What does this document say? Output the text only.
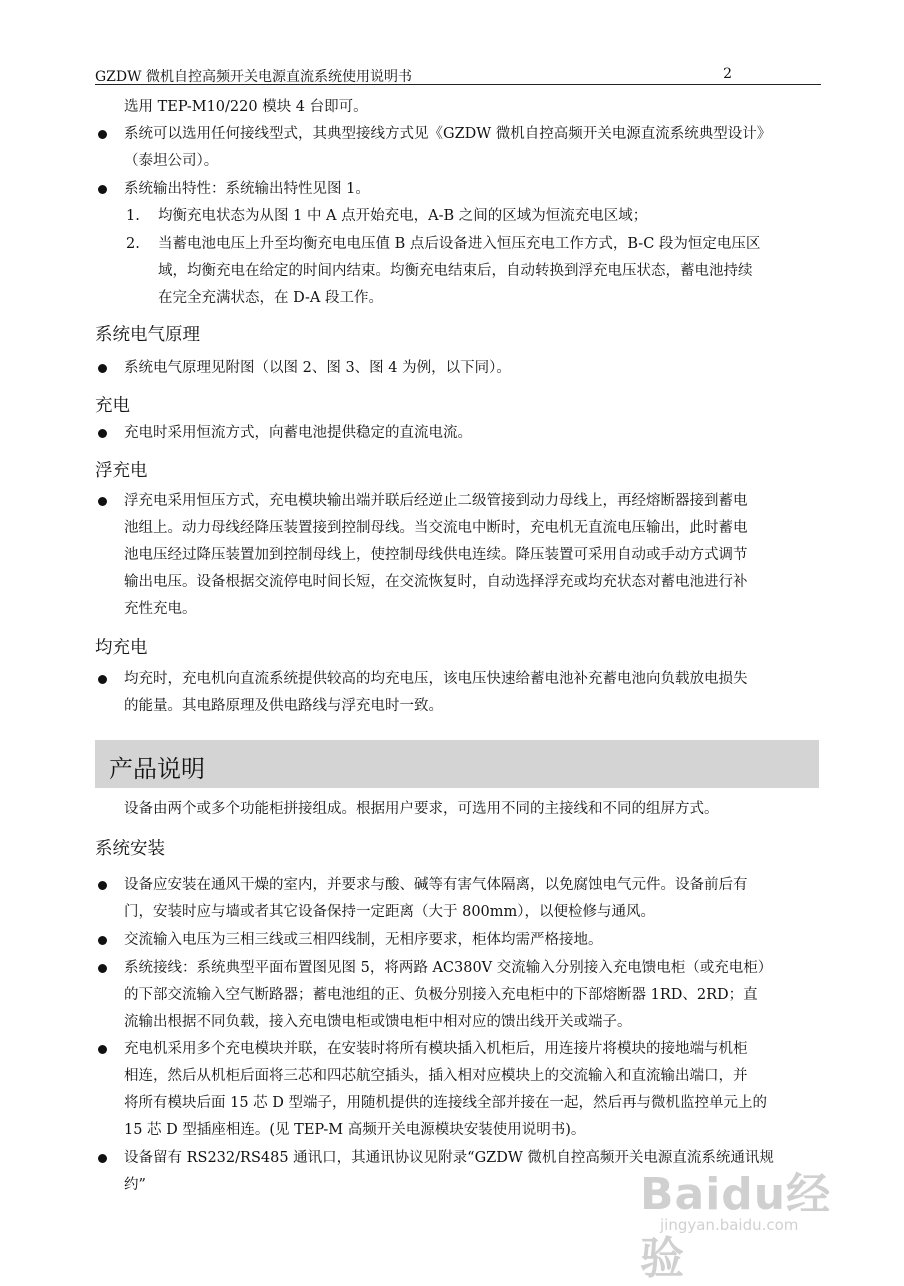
GZDW 微机自控高频开关电源直流系统使用说明书	2
选用 TEP-M10/220 模块 4 台即可。
系统可以选用任何接线型式，其典型接线方式见《GZDW 微机自控高频开关电源直流系统典型设计》
（泰坦公司）。
系统输出特性：系统输出特性见图 1。
1. 均衡充电状态为从图 1 中 A 点开始充电，A-B 之间的区域为恒流充电区域；
2. 当蓄电池电压上升至均衡充电电压值 B 点后设备进入恒压充电工作方式，B-C 段为恒定电压区
域，均衡充电在给定的时间内结束。均衡充电结束后，自动转换到浮充电压状态，蓄电池持续
在完全充满状态，在 D-A 段工作。
系统电气原理
系统电气原理见附图（以图 2、图 3、图 4 为例，以下同）。
充电
充电时采用恒流方式，向蓄电池提供稳定的直流电流。
浮充电
浮充电采用恒压方式，充电模块输出端并联后经逆止二级管接到动力母线上，再经熔断器接到蓄电
池组上。动力母线经降压装置接到控制母线。当交流电中断时，充电机无直流电压输出，此时蓄电
池电压经过降压装置加到控制母线上，使控制母线供电连续。降压装置可采用自动或手动方式调节
输出电压。设备根据交流停电时间长短，在交流恢复时，自动选择浮充或均充状态对蓄电池进行补
充性充电。
均充电
均充时，充电机向直流系统提供较高的均充电压，该电压快速给蓄电池补充蓄电池向负载放电损失
的能量。其电路原理及供电路线与浮充电时一致。
产品说明
设备由两个或多个功能柜拼接组成。根据用户要求，可选用不同的主接线和不同的组屏方式。
系统安装
设备应安装在通风干燥的室内，并要求与酸、碱等有害气体隔离，以免腐蚀电气元件。设备前后有
门，安装时应与墙或者其它设备保持一定距离（大于 800mm），以便检修与通风。
交流输入电压为三相三线或三相四线制，无相序要求，柜体均需严格接地。
系统接线：系统典型平面布置图见图 5，将两路 AC380V 交流输入分别接入充电馈电柜（或充电柜）
的下部交流输入空气断路器；蓄电池组的正、负极分别接入充电柜中的下部熔断器 1RD、2RD；直
流输出根据不同负载，接入充电馈电柜或馈电柜中相对应的馈出线开关或端子。
充电机采用多个充电模块并联，在安装时将所有模块插入机柜后，用连接片将模块的接地端与机柜
相连，然后从机柜后面将三芯和四芯航空插头，插入相对应模块上的交流输入和直流输出端口，并
将所有模块后面 15 芯 D 型端子，用随机提供的连接线全部并接在一起，然后再与微机监控单元上的
15 芯 D 型插座相连。(见 TEP-M 高频开关电源模块安装使用说明书)。
设备留有 RS232/RS485 通讯口，其通讯协议见附录“GZDW 微机自控高频开关电源直流系统通讯规
约”	Baidu经验
jingyan.baidu.com
